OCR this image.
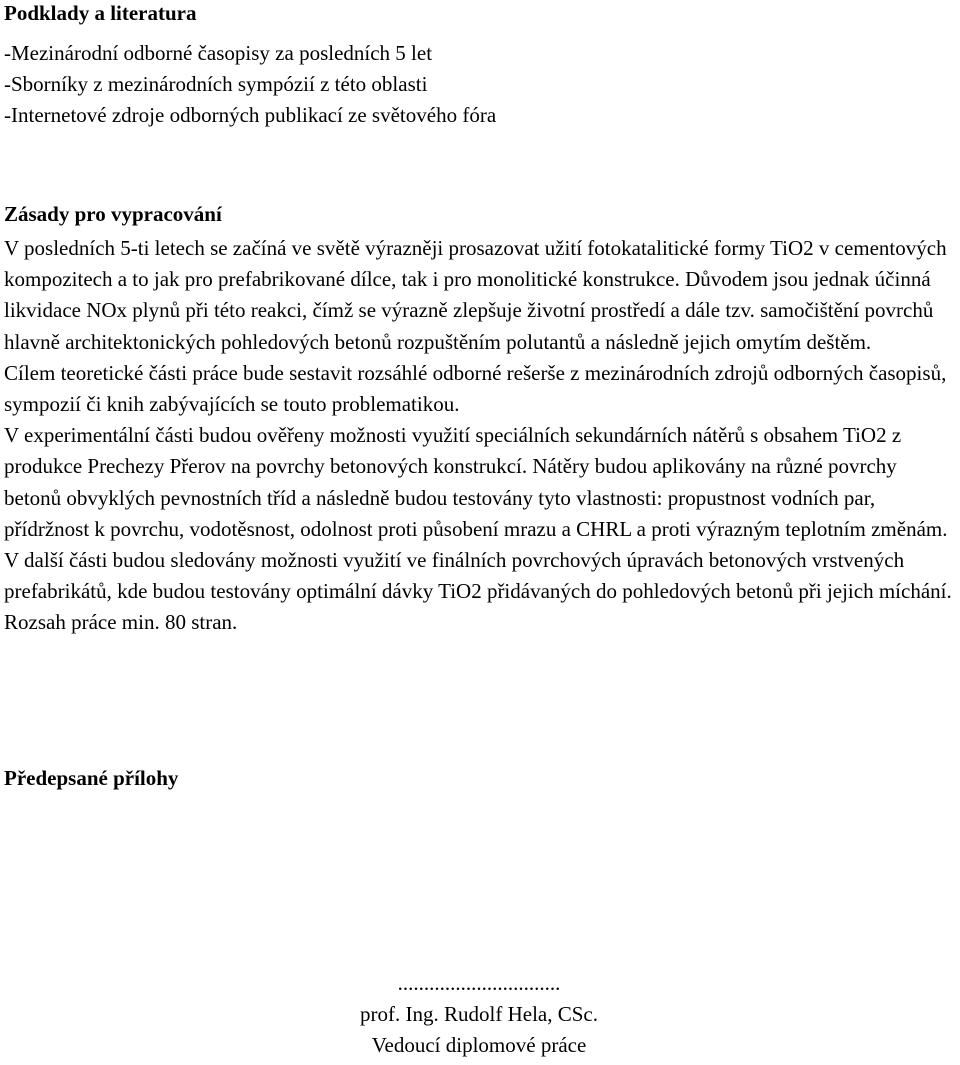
Podklady a literatura
-Mezinárodní odborné časopisy za posledních 5 let
-Sborníky z mezinárodních sympózií z této oblasti
-Internetové zdroje odborných publikací ze světového fóra
Zásady pro vypracování

V posledních 5-ti letech se začíná ve světě výrazněji prosazovat užití fotokatalitické formy TiO2 v cementových kompozitech a to jak pro prefabrikované dílce, tak i pro monolitické konstrukce. Důvodem jsou jednak účinná likvidace NOx plynů při této reakci, čímž se výrazně zlepšuje životní prostředí a dále tzv. samočištění povrchů hlavně architektonických pohledových betonů rozpuštěním polutantů a následně jejich omytím deštěm.

Cílem teoretické části práce bude sestavit rozsáhlé odborné rešerše z mezinárodních zdrojů odborných časopisů, sympozií či knih zabývajících se touto problematikou.

V experimentální části budou ověřeny možnosti využití speciálních sekundárních nátěrů s obsahem TiO2 z produkce Prechezy Přerov na povrchy betonových konstrukcí. Nátěry budou aplikovány na různé povrchy betonů obvyklých pevnostních tříd a následně budou testovány tyto vlastnosti: propustnost vodních par, přídržnost k povrchu, vodotěsnost, odolnost proti působení mrazu a CHRL a proti výrazným teplotním změnám. V další části budou sledovány možnosti využití ve finálních povrchových úpravách betonových vrstvených prefabrikátů, kde budou testovány optimální dávky TiO2 přidávaných do pohledových betonů při jejich míchání.

Rozsah práce min. 80 stran.

Předepsané přílohy
...............................
prof. Ing. Rudolf Hela, CSc.
Vedoucí diplomové práce
